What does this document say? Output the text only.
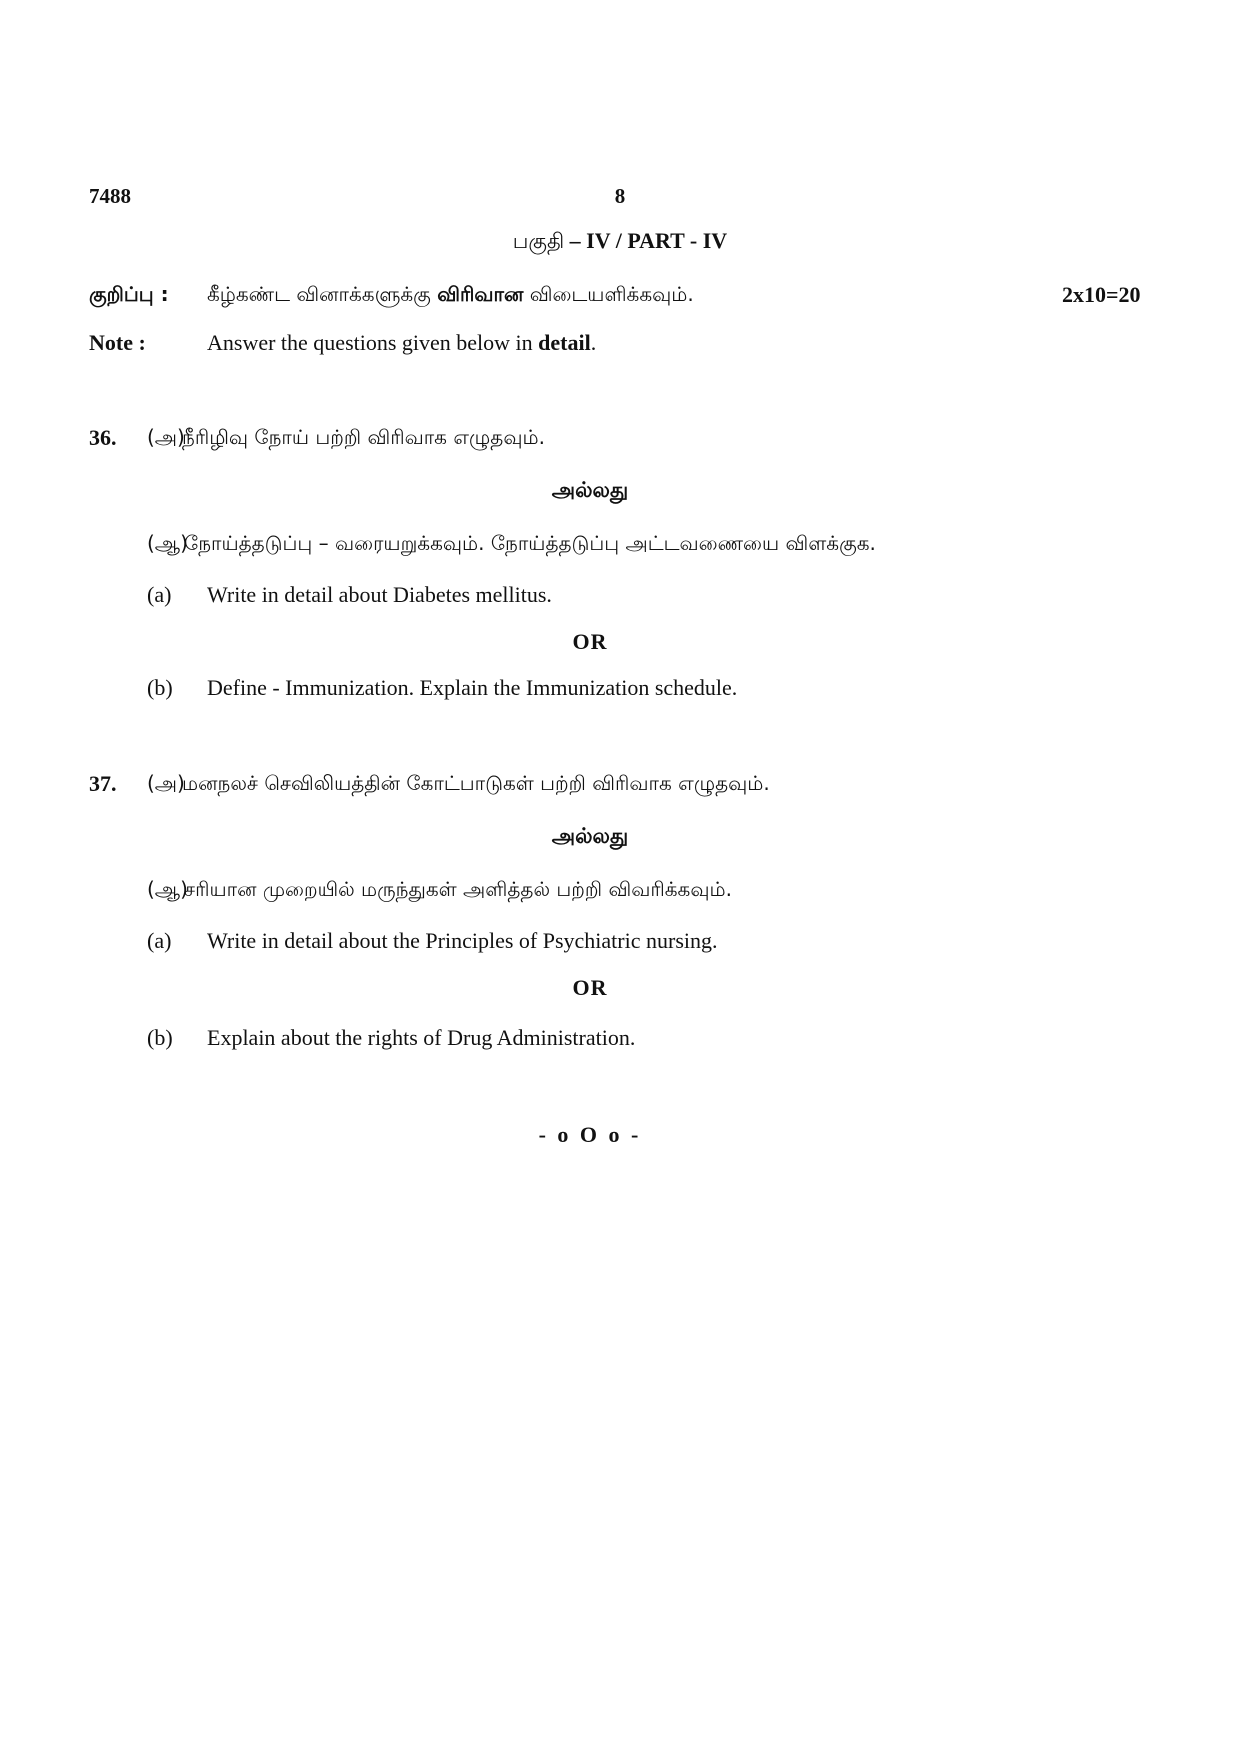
7488	8
பகுதி – IV / PART - IV
குறிப்பு : கீழ்கண்ட வினாக்களுக்கு விரிவான விடையளிக்கவும்.	2x10=20
Note :	Answer the questions given below in detail.
36. (அ)
நீரிழிவு நோய் பற்றி விரிவாக எழுதவும்.
அல்லது
(ஆ)
நோய்த்தடுப்பு – வரையறுக்கவும். நோய்த்தடுப்பு அட்டவணையை விளக்குக.
(a) Write in detail about Diabetes mellitus.
OR
(b) Define - Immunization. Explain the Immunization schedule.
37. (அ)
மனநலச் செவிலியத்தின் கோட்பாடுகள் பற்றி விரிவாக எழுதவும்.
அல்லது
(ஆ)
சரியான முறையில் மருந்துகள் அளித்தல் பற்றி விவரிக்கவும்.
(a) Write in detail about the Principles of Psychiatric nursing.
OR
(b) Explain about the rights of Drug Administration.
- o O o -
